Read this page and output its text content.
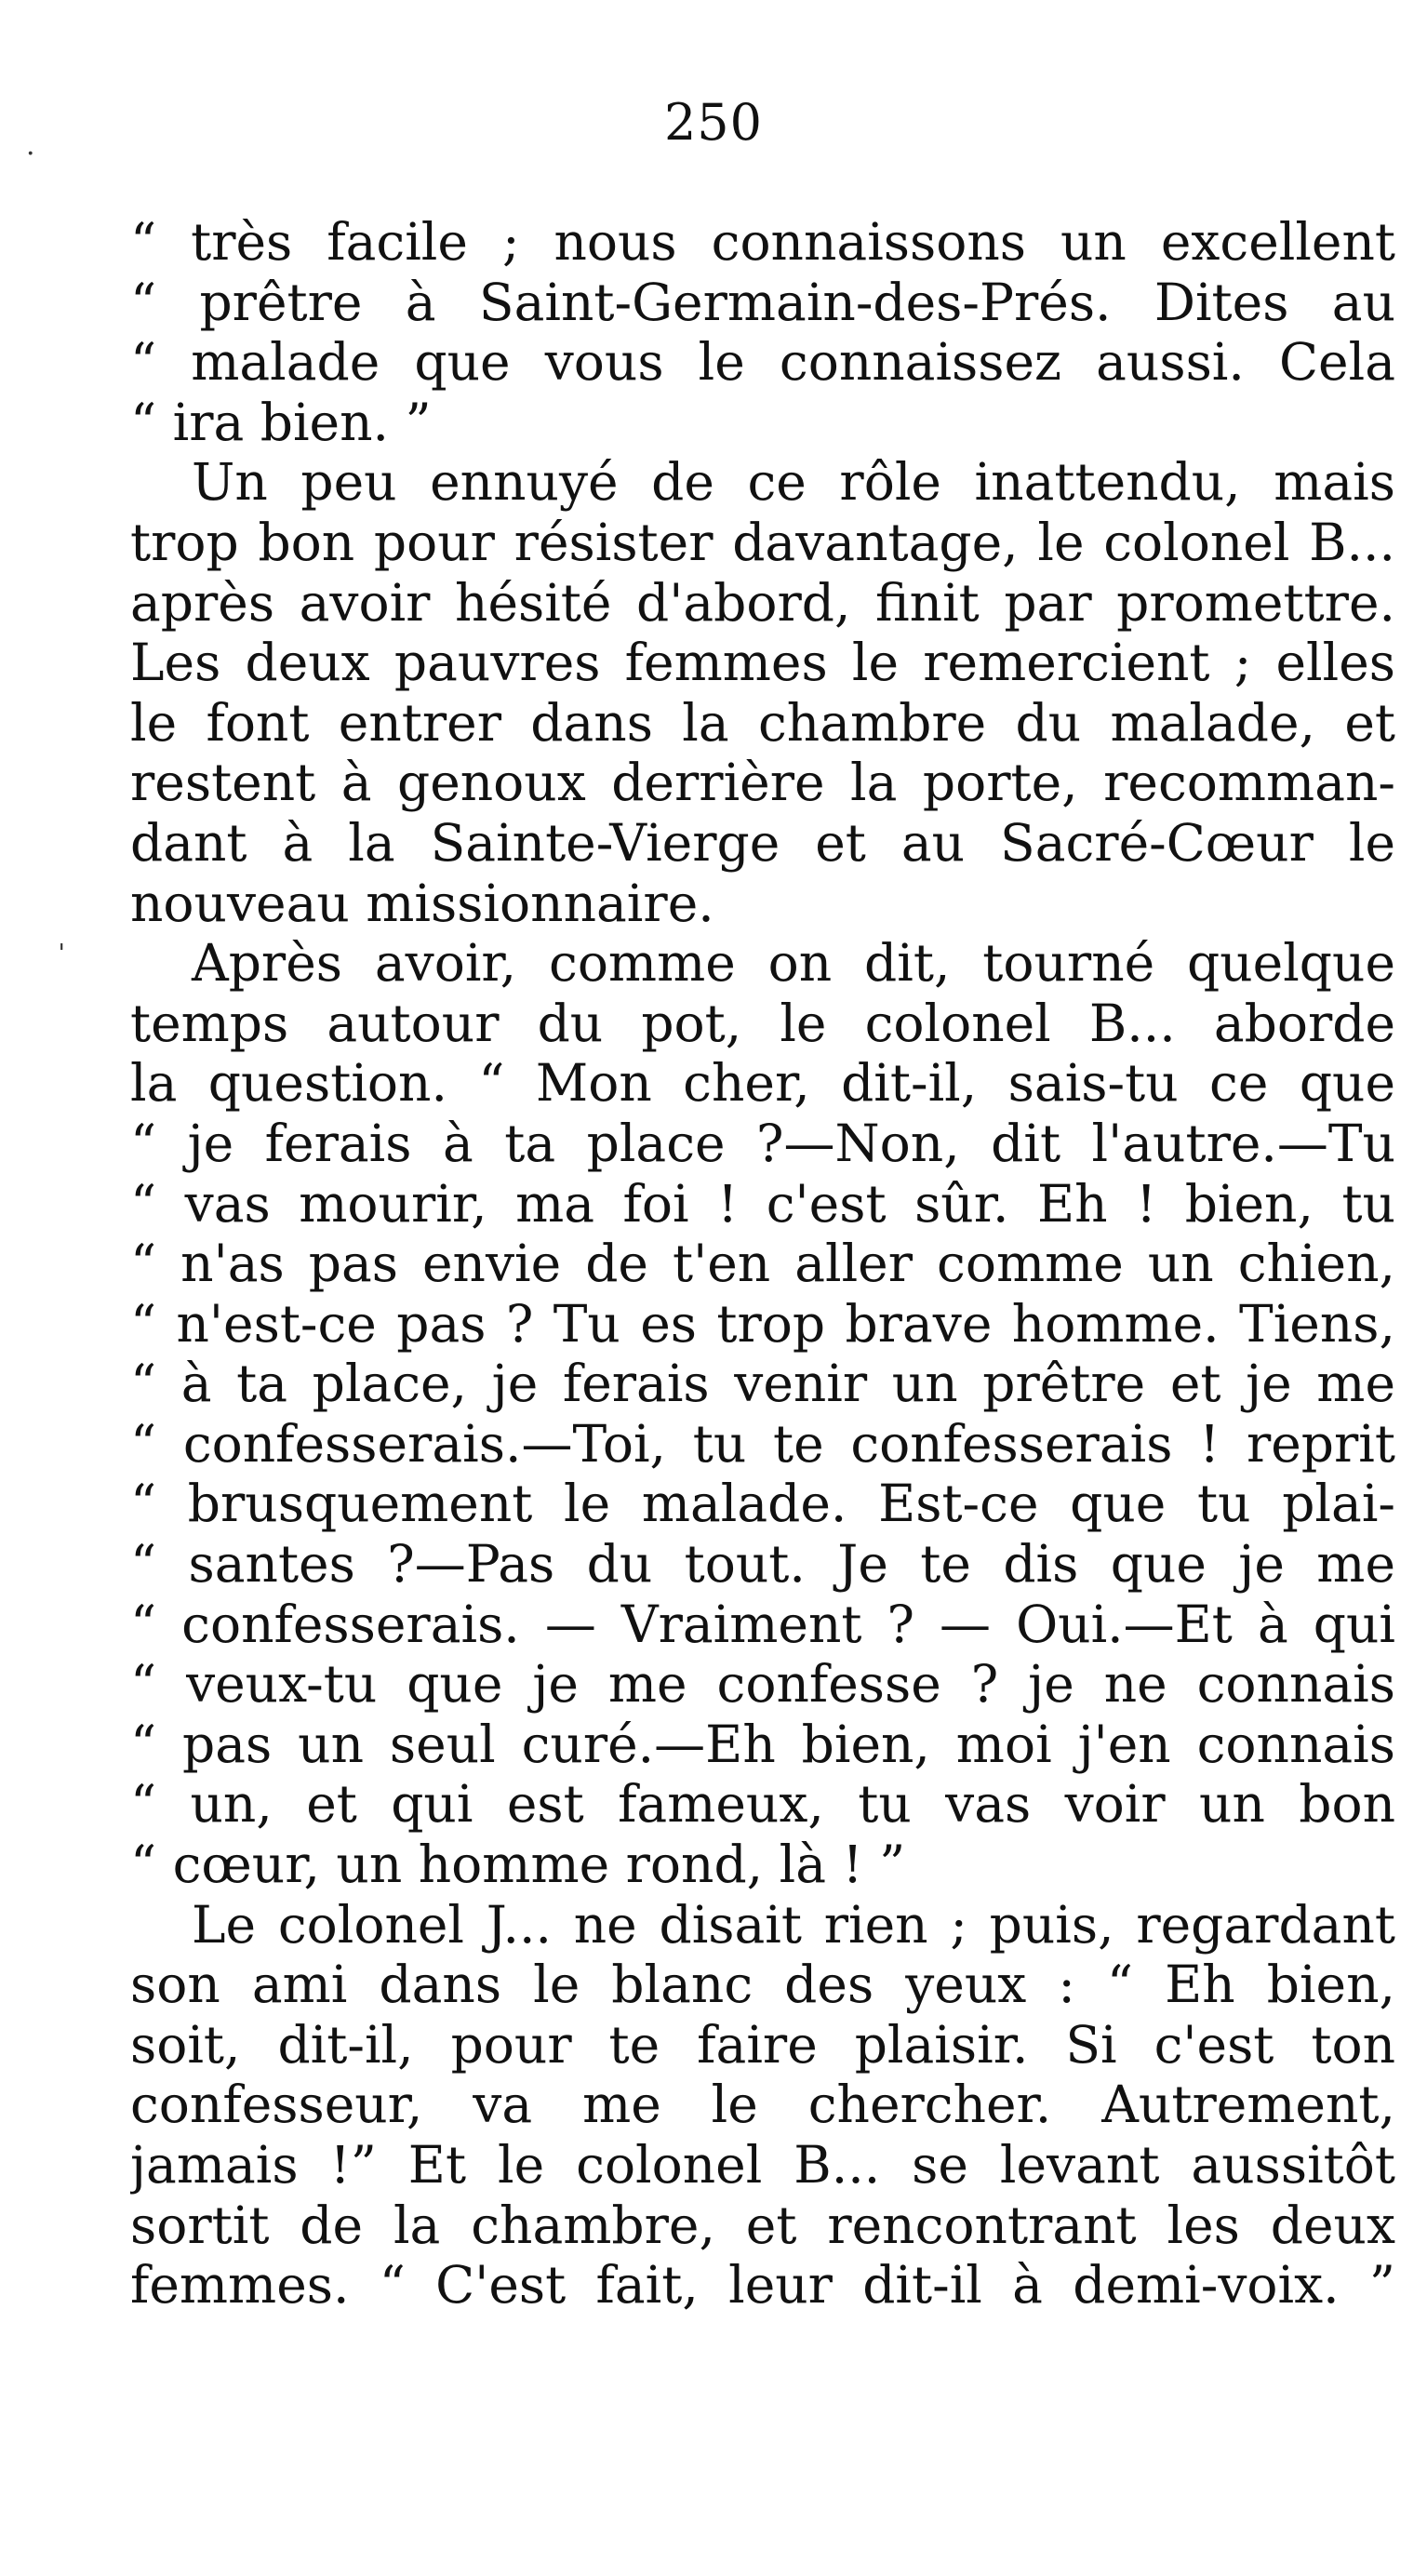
250
·
ˈ
“ très facile ; nous connaissons un excellent
“ prêtre à Saint-Germain-des-Prés. Dites au
“ malade que vous le connaissez aussi. Cela
“ ira bien. ”
Un peu ennuyé de ce rôle inattendu, mais
trop bon pour résister davantage, le colonel B...
après avoir hésité d'abord, finit par promettre.
Les deux pauvres femmes le remercient ; elles
le font entrer dans la chambre du malade, et
restent à genoux derrière la porte, recomman-
dant à la Sainte-Vierge et au Sacré-Cœur le
nouveau missionnaire.
Après avoir, comme on dit, tourné quelque
temps autour du pot, le colonel B... aborde
la question. “ Mon cher, dit-il, sais-tu ce que
“ je ferais à ta place ?—Non, dit l'autre.—Tu
“ vas mourir, ma foi ! c'est sûr. Eh ! bien, tu
“ n'as pas envie de t'en aller comme un chien,
“ n'est-ce pas ? Tu es trop brave homme. Tiens,
“ à ta place, je ferais venir un prêtre et je me
“ confesserais.—Toi, tu te confesserais ! reprit
“ brusquement le malade. Est-ce que tu plai-
“ santes ?—Pas du tout. Je te dis que je me
“ confesserais. — Vraiment ? — Oui.—Et à qui
“ veux-tu que je me confesse ? je ne connais
“ pas un seul curé.—Eh bien, moi j'en connais
“ un, et qui est fameux, tu vas voir un bon
“ cœur, un homme rond, là ! ”
Le colonel J... ne disait rien ; puis, regardant
son ami dans le blanc des yeux : “ Eh bien,
soit, dit-il, pour te faire plaisir. Si c'est ton
confesseur, va me le chercher. Autrement,
jamais !” Et le colonel B... se levant aussitôt
sortit de la chambre, et rencontrant les deux
femmes. “ C'est fait, leur dit-il à demi-voix. ”
